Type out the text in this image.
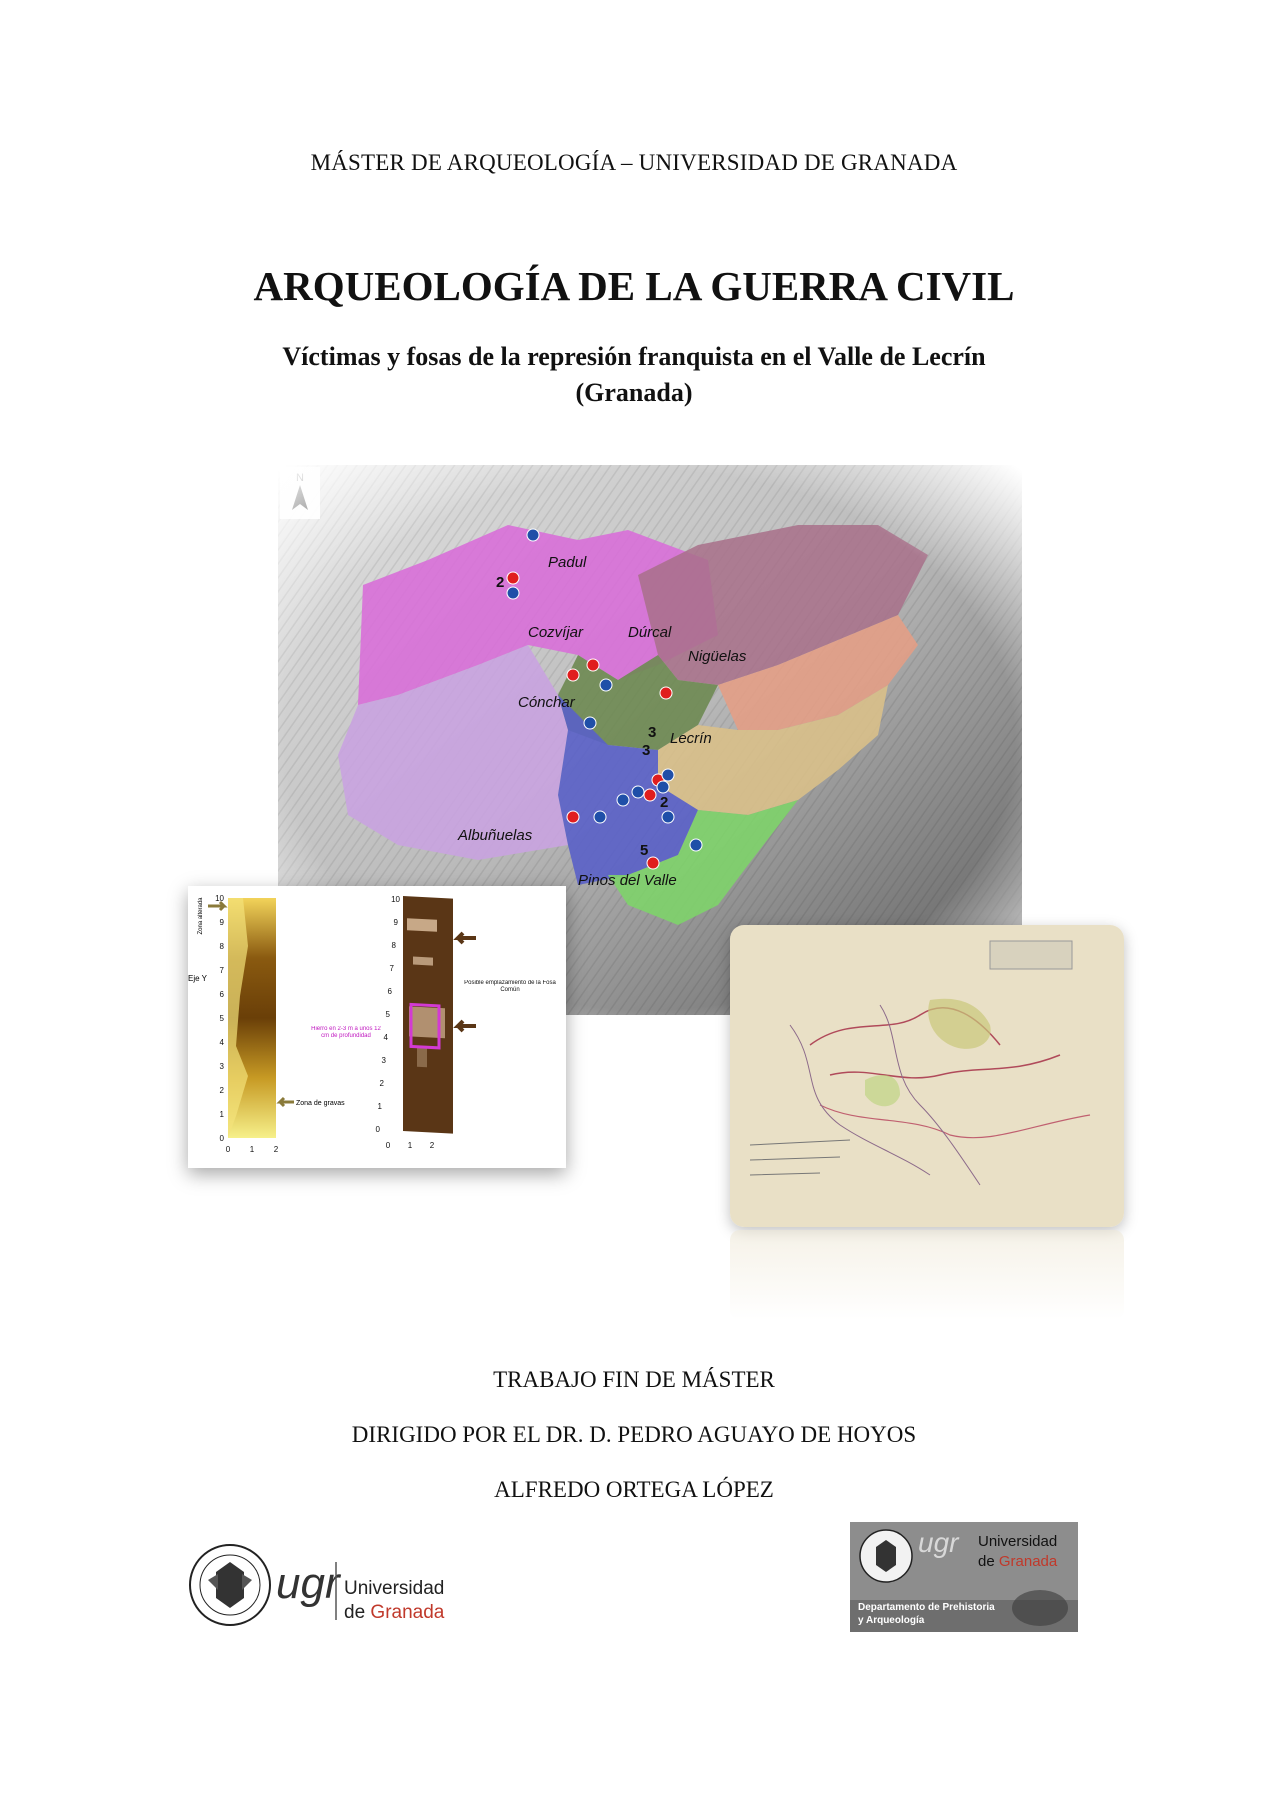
MÁSTER DE ARQUEOLOGÍA – UNIVERSIDAD DE GRANADA
ARQUEOLOGÍA DE LA GUERRA CIVIL
Víctimas y fosas de la represión franquista en el Valle de Lecrín
(Granada)
Zona alterada
Eje Y
10
9
8
7
6
5
4
3
2
1
0
0 1 2
Zona de gravas
10
9
8
7
6
5
4
3
2
1
0
0 1 2
Posible emplazamiento de la Fosa Común
Hierro en 2-3 m a unos 12 cm de profundidad
TRABAJO FIN DE MÁSTER
DIRIGIDO POR EL DR. D. PEDRO AGUAYO DE HOYOS
ALFREDO ORTEGA LÓPEZ
ugr Universidad
de Granada
ugr Universidad
de Granada
Departamento de Prehistoria
y Arqueología
